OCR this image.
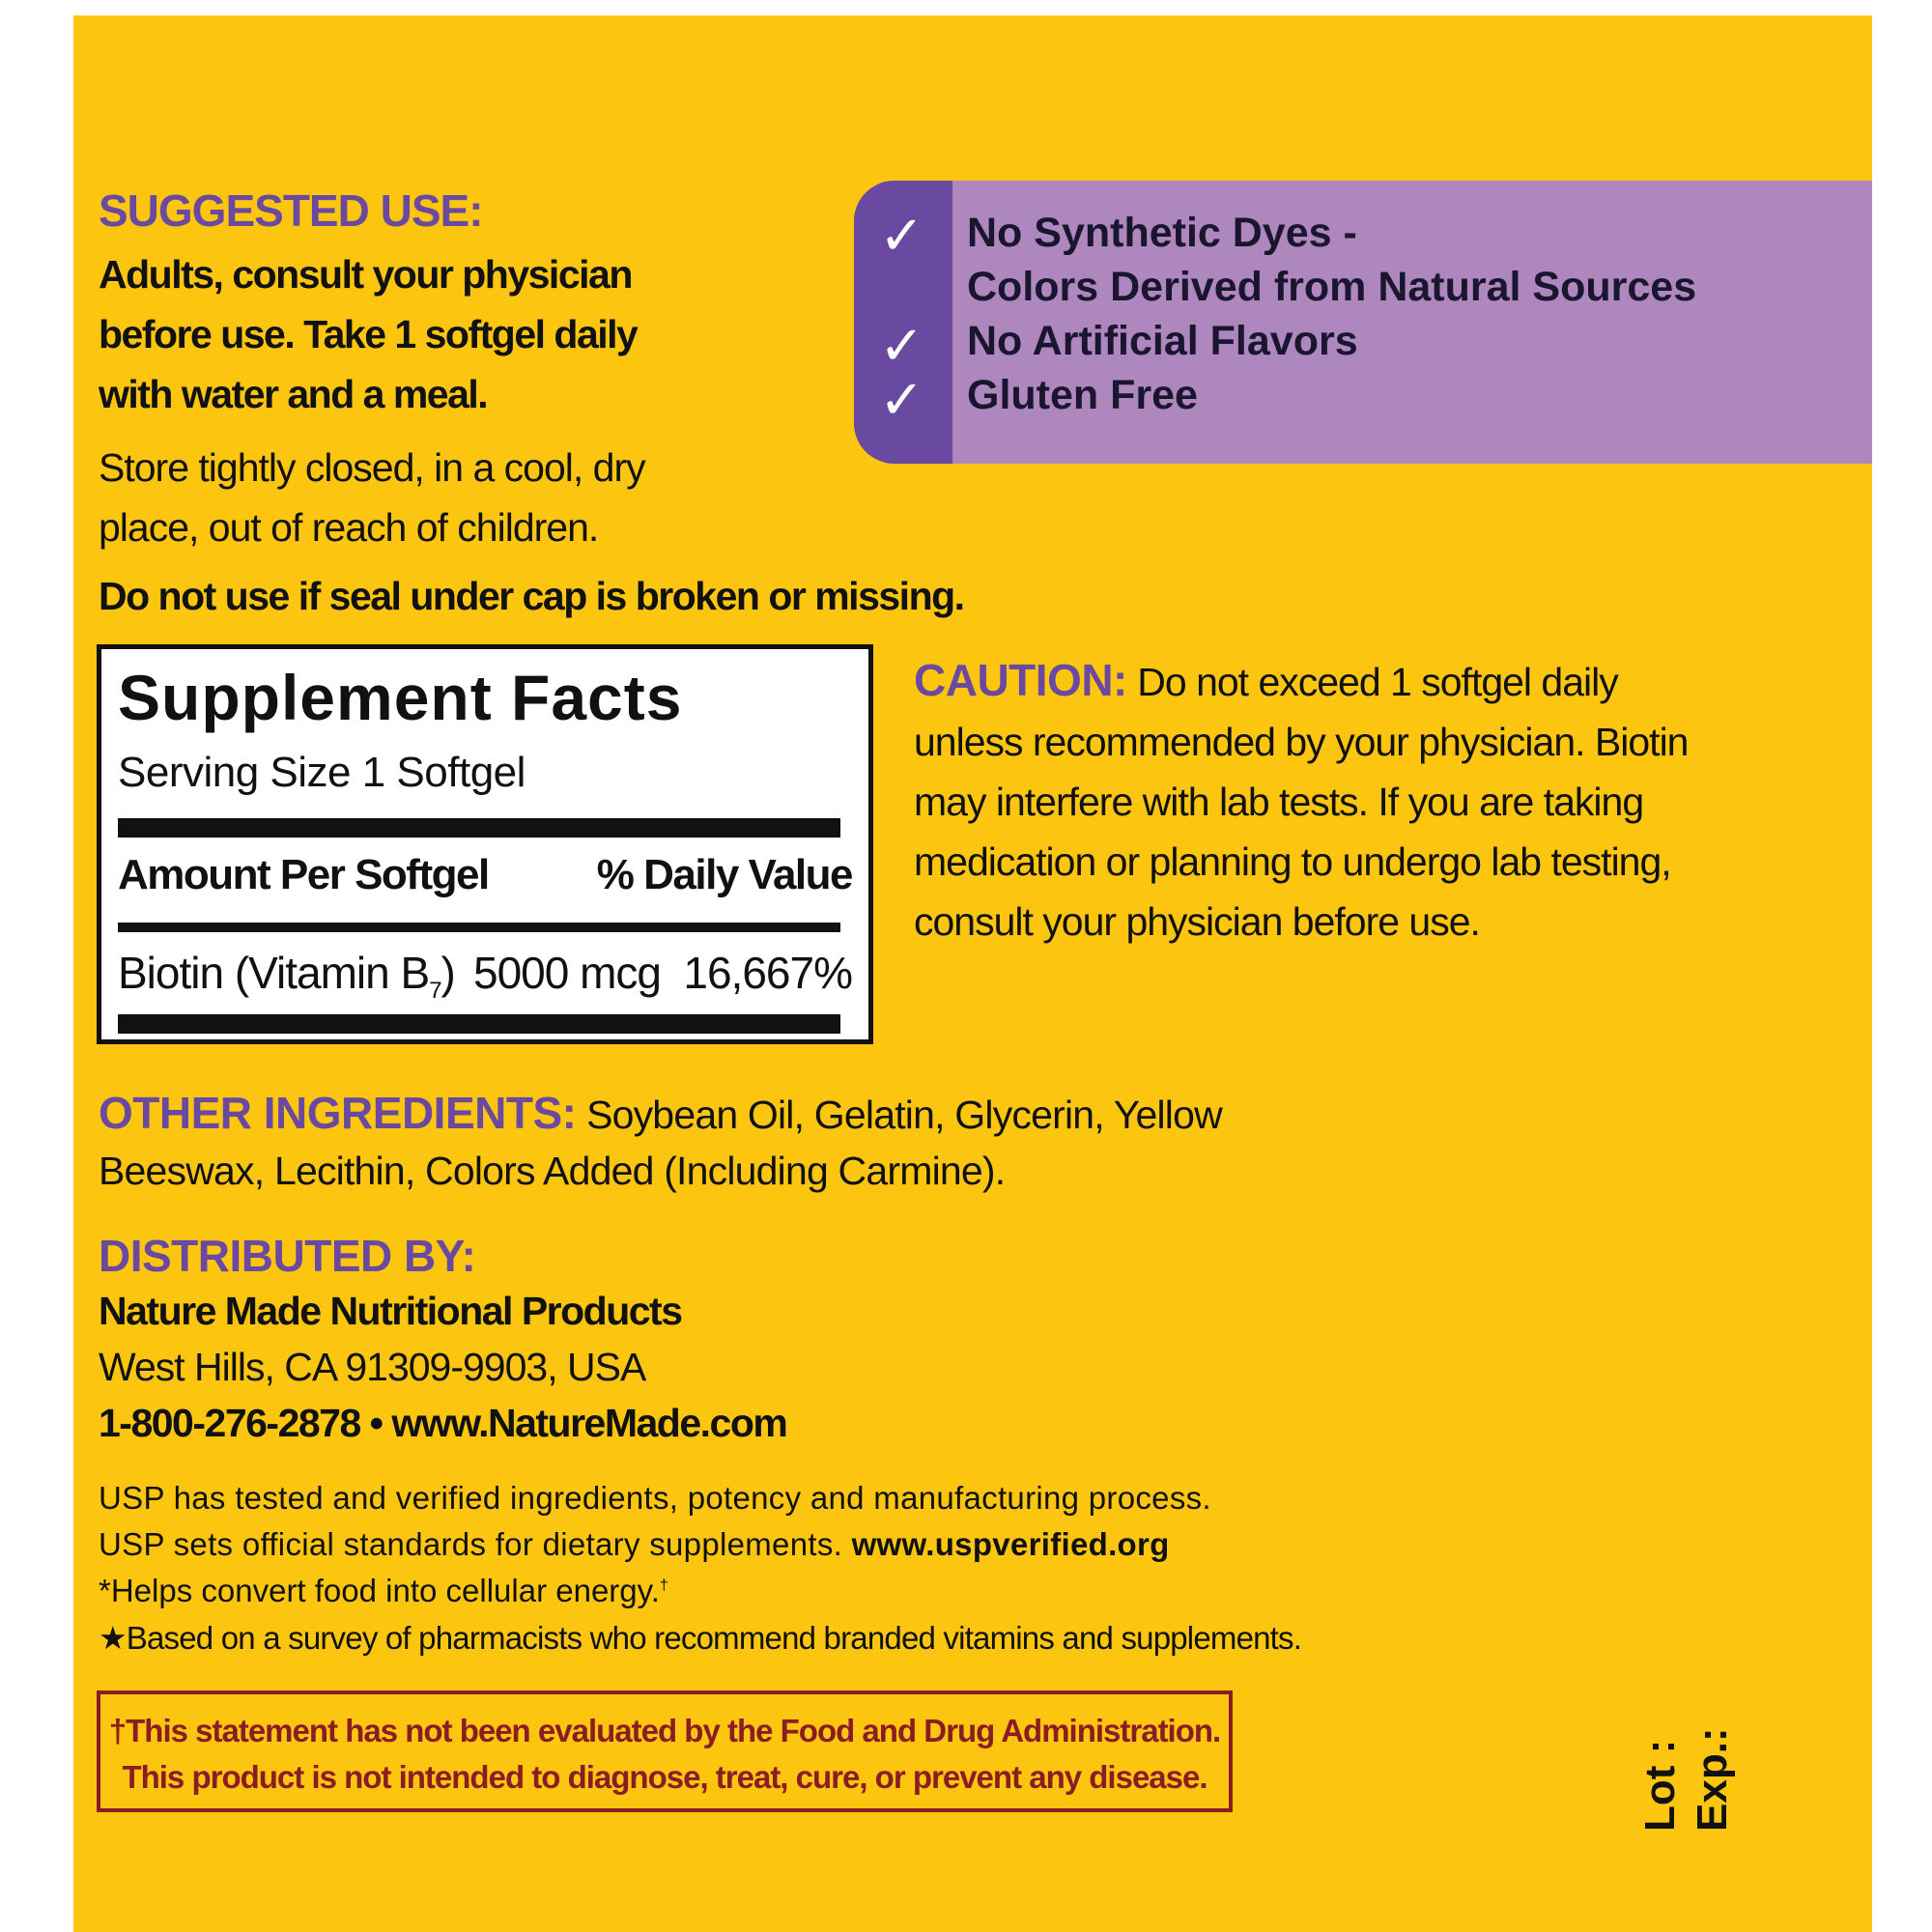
SUGGESTED USE:
Adults, consult your physician before use. Take 1 softgel daily with water and a meal.
Store tightly closed, in a cool, dry place, out of reach of children.
Do not use if seal under cap is broken or missing.
✓
✓
✓
No Synthetic Dyes -
Colors Derived from Natural Sources
No Artificial Flavors
Gluten Free
Supplement Facts
Serving Size 1 Softgel
Amount Per Softgel	% Daily Value
Biotin (Vitamin $B_7$) 5000 mcg 16,667%
CAUTION: Do not exceed 1 softgel daily unless recommended by your physician. Biotin may interfere with lab tests. If you are taking medication or planning to undergo lab testing, consult your physician before use.
OTHER INGREDIENTS: Soybean Oil, Gelatin, Glycerin, Yellow Beeswax, Lecithin, Colors Added (Including Carmine).
DISTRIBUTED BY:
Nature Made Nutritional Products
West Hills, CA 91309-9903, USA
1-800-276-2878 • www.NatureMade.com
USP has tested and verified ingredients, potency and manufacturing process.
USP sets official standards for dietary supplements. www.uspverified.org
*Helps convert food into cellular energy.†
★Based on a survey of pharmacists who recommend branded vitamins and supplements.
†This statement has not been evaluated by the Food and Drug Administration.
This product is not intended to diagnose, treat, cure, or prevent any disease.	Lot : Exp.:
